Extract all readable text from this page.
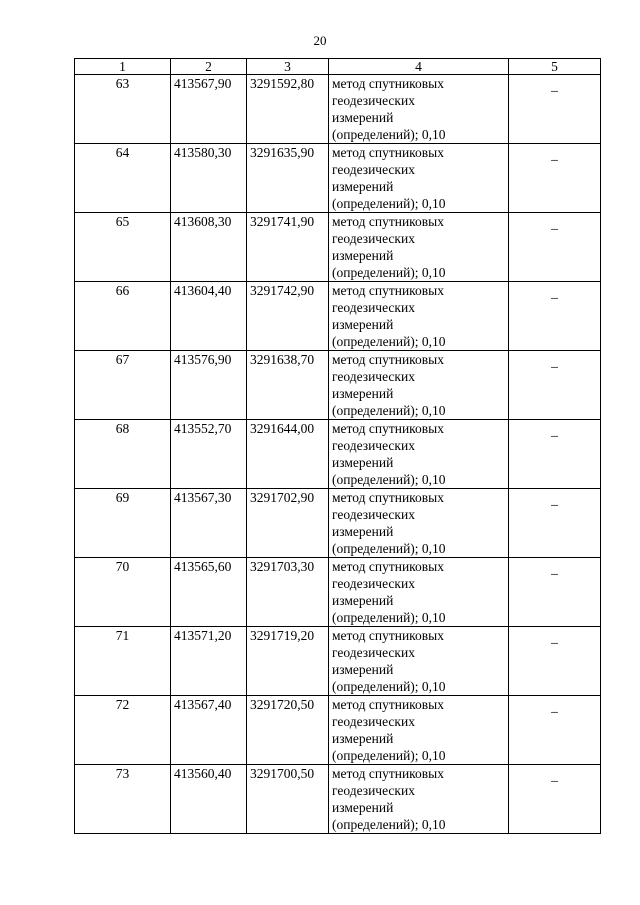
20
1	2	3	4	5
63	413567,90	3291592,80	метод спутниковых
геодезических
измерений
(определений); 0,10	_
64	413580,30	3291635,90	метод спутниковых
геодезических
измерений
(определений); 0,10	_
65	413608,30	3291741,90	метод спутниковых
геодезических
измерений
(определений); 0,10	_
66	413604,40	3291742,90	метод спутниковых
геодезических
измерений
(определений); 0,10	_
67	413576,90	3291638,70	метод спутниковых
геодезических
измерений
(определений); 0,10	_
68	413552,70	3291644,00	метод спутниковых
геодезических
измерений
(определений); 0,10	_
69	413567,30	3291702,90	метод спутниковых
геодезических
измерений
(определений); 0,10	_
70	413565,60	3291703,30	метод спутниковых
геодезических
измерений
(определений); 0,10	_
71	413571,20	3291719,20	метод спутниковых
геодезических
измерений
(определений); 0,10	_
72	413567,40	3291720,50	метод спутниковых
геодезических
измерений
(определений); 0,10	_
73	413560,40	3291700,50	метод спутниковых
геодезических
измерений
(определений); 0,10	_
